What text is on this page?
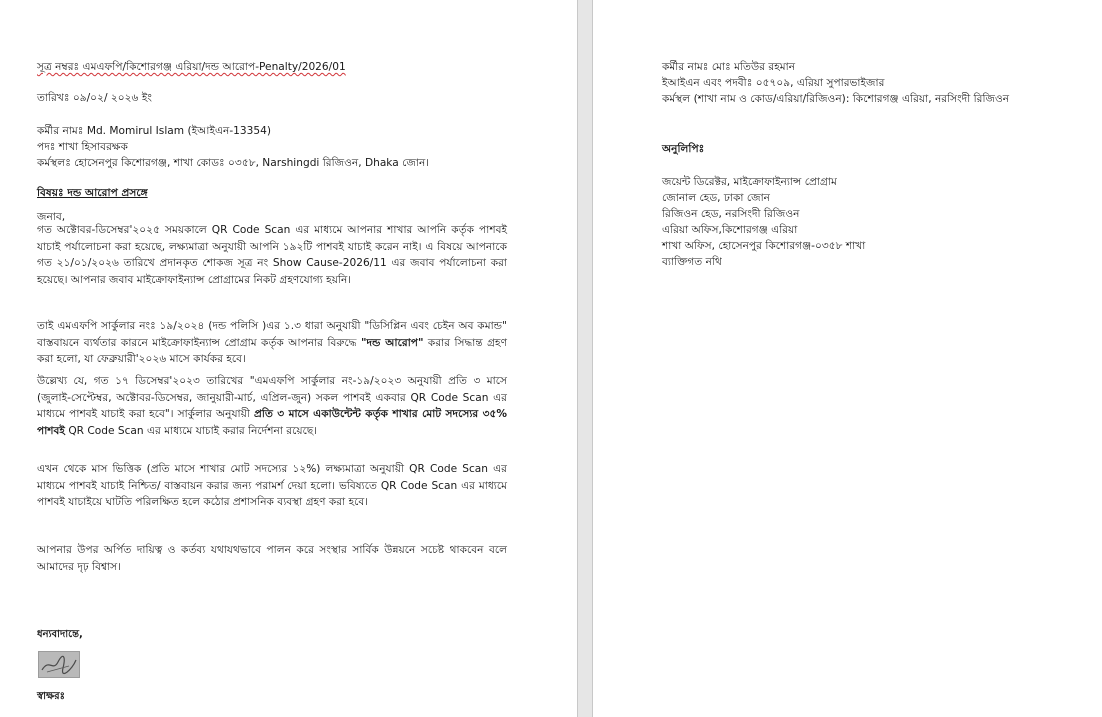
সূত্র নম্বরঃ এমএফপি/কিশোরগঞ্জ এরিয়া/দন্ড আরোপ-Penalty/2026/01
তারিখঃ ০৯/০২/ ২০২৬ ইং
কর্মীর নামঃ Md. Momirul Islam (ইআইএন-13354)
পদঃ শাখা হিসাবরক্ষক
কর্মস্থলঃ হোসেনপুর কিশোরগঞ্জ, শাখা কোডঃ ০৩৫৮, Narshingdi রিজিওন, Dhaka জোন।
বিষয়ঃ দন্ড আরোপ প্রসঙ্গে
জনাব,
গত অক্টোবর-ডিসেম্বর'২০২৫ সময়কালে QR Code Scan এর মাধ্যমে আপনার শাখার আপনি কর্তৃক পাশবই যাচাই পর্যালোচনা করা হয়েছে, লক্ষ্যমাত্রা অনুযায়ী আপনি ১৯২টি পাশবই যাচাই করেন নাই। এ বিষয়ে আপনাকে গত ২১/০১/২০২৬ তারিখে প্রদানকৃত শোকজ সূত্র নং Show Cause-2026/11 এর জবাব পর্যালোচনা করা হয়েছে। আপনার জবাব মাইক্রোফাইন্যান্স প্রোগ্রামের নিকট গ্রহণযোগ্য হয়নি।
তাই এমএফপি সার্কুলার নংঃ ১৯/২০২৪ (দন্ড পলিসি )এর ১.৩ ধারা অনুযায়ী "ডিসিপ্লিন এবং চেইন অব কমান্ড" বাস্তবায়নে ব্যর্থতার কারনে মাইক্রোফাইন্যান্স প্রোগ্রাম কর্তৃক আপনার বিরুদ্ধে "দন্ড আরোপ" করার সিদ্ধান্ত গ্রহণ করা হলো, যা ফেব্রুয়ারী'২০২৬ মাসে কার্যকর হবে।
উল্লেখ্য যে, গত ১৭ ডিসেম্বর'২০২৩ তারিখের "এমএফপি সার্কুলার নং-১৯/২০২৩ অনুযায়ী প্রতি ৩ মাসে (জুলাই-সেপ্টেম্বর, অক্টোবর-ডিসেম্বর, জানুয়ারী-মার্চ, এপ্রিল-জুন) সকল পাশবই একবার QR Code Scan এর মাধ্যমে পাশবই যাচাই করা হবে"। সার্কুলার অনুযায়ী প্রতি ৩ মাসে একাউন্টেন্ট কর্তৃক শাখার মোট সদস্যের ৩৫% পাশবই QR Code Scan এর মাধ্যমে যাচাই করার নির্দেশনা রয়েছে।
এখন থেকে মাস ভিত্তিক (প্রতি মাসে শাখার মোট সদস্যের ১২%) লক্ষ্যমাত্রা অনুযায়ী QR Code Scan এর মাধ্যমে পাশবই যাচাই নিশ্চিত/ বাস্তবায়ন করার জন্য পরামর্শ দেয়া হলো। ভবিষ্যতে QR Code Scan এর মাধ্যমে পাশবই যাচাইয়ে ঘাটতি পরিলক্ষিত হলে কঠোর প্রশাসনিক ব্যবস্থা গ্রহণ করা হবে।
আপনার উপর অর্পিত দায়িত্ব ও কর্তব্য যথাযথভাবে পালন করে সংস্থার সার্বিক উন্নয়নে সচেষ্ট থাকবেন বলে আমাদের দৃঢ় বিশ্বাস।
ধন্যবাদান্তে,
স্বাক্ষরঃ
কর্মীর নামঃ মোঃ মতিউর রহমান
ইআইএন এবং পদবীঃ ০৫৭০৯, এরিয়া সুপারভাইজার
কর্মস্থল (শাখা নাম ও কোড/এরিয়া/রিজিওন): কিশোরগঞ্জ এরিয়া, নরসিংদী রিজিওন
অনুলিপিঃ
জয়েন্ট ডিরেক্টর, মাইক্রোফাইন্যান্স প্রোগ্রাম
জোনাল হেড, ঢাকা জোন
রিজিওন হেড, নরসিংদী রিজিওন
এরিয়া অফিস,কিশোরগঞ্জ এরিয়া
শাখা অফিস, হোসেনপুর কিশোরগঞ্জ-০৩৫৮ শাখা
ব্যাক্তিগত নথি
